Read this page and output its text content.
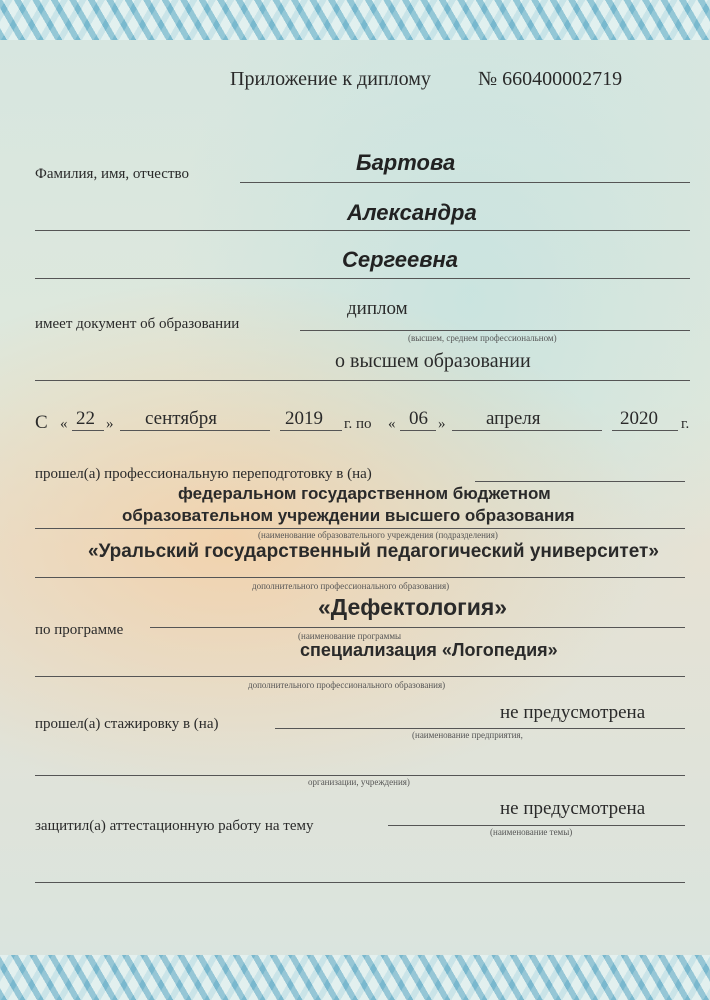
Приложение к диплому № 660400002719
Фамилия, имя, отчество	Бартова
Александра
Сергеевна
имеет документ об образовании
диплом
(высшем, среднем профессиональном)
о высшем образовании
С « 22 » сентября	2019 г. по « 06 » апреля	2020 г.
прошел(а) профессиональную переподготовку в (на)
федеральном государственном бюджетном
образовательном учреждении высшего образования
(наименование образовательного учреждения (подразделения)
«Уральский государственный педагогический университет»
дополнительного профессионального образования)
по программе
«Дефектология»
(наименование программы
специализация «Логопедия»
дополнительного профессионального образования)
прошел(а) стажировку в (на)
не предусмотрена
(наименование предприятия,
организации, учреждения)
защитил(а) аттестационную работу на тему
не предусмотрена
(наименование темы)
